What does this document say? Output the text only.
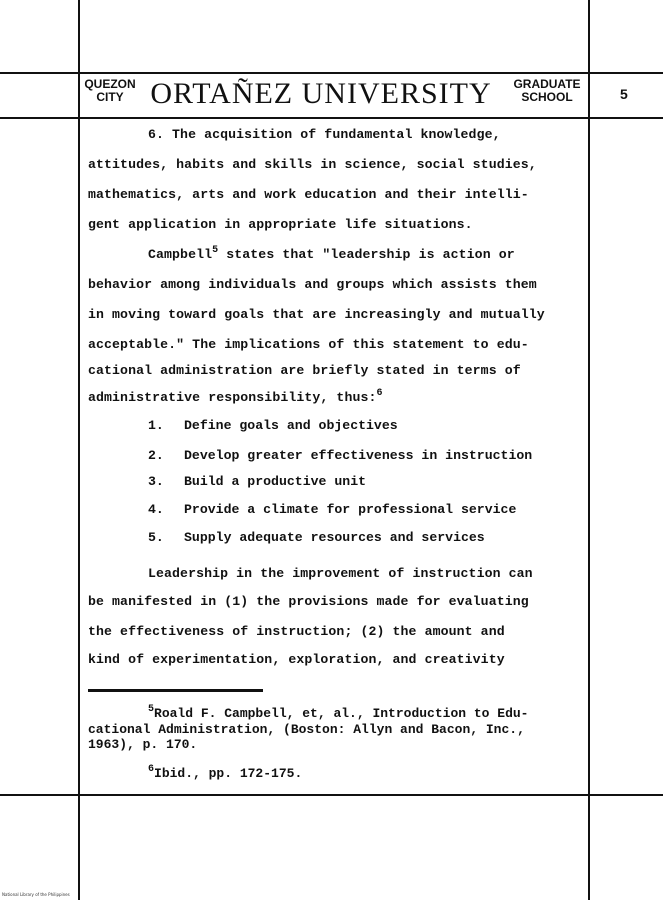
QUEZON
CITY ORTAÑEZ UNIVERSITY	GRADUATE
SCHOOL	5
6. The acquisition of fundamental knowledge,
attitudes, habits and skills in science, social studies,
mathematics, arts and work education and their intelli-
gent application in appropriate life situations.
Campbell$^5$ states that "leadership is action or
behavior among individuals and groups which assists them
in moving toward goals that are increasingly and mutually
acceptable." The implications of this statement to edu-
cational administration are briefly stated in terms of
administrative responsibility, thus:$^6$
1. Define goals and objectives
2. Develop greater effectiveness in instruction
3. Build a productive unit
4. Provide a climate for professional service
5. Supply adequate resources and services
Leadership in the improvement of instruction can
be manifested in (1) the provisions made for evaluating
the effectiveness of instruction; (2) the amount and
kind of experimentation, exploration, and creativity
$^5$Roald F. Campbell, et, al., Introduction to Edu-
cational Administration, (Boston: Allyn and Bacon, Inc.,
1963), p. 170.
$^6$Ibid., pp. 172-175.
National Library of the Philippines
